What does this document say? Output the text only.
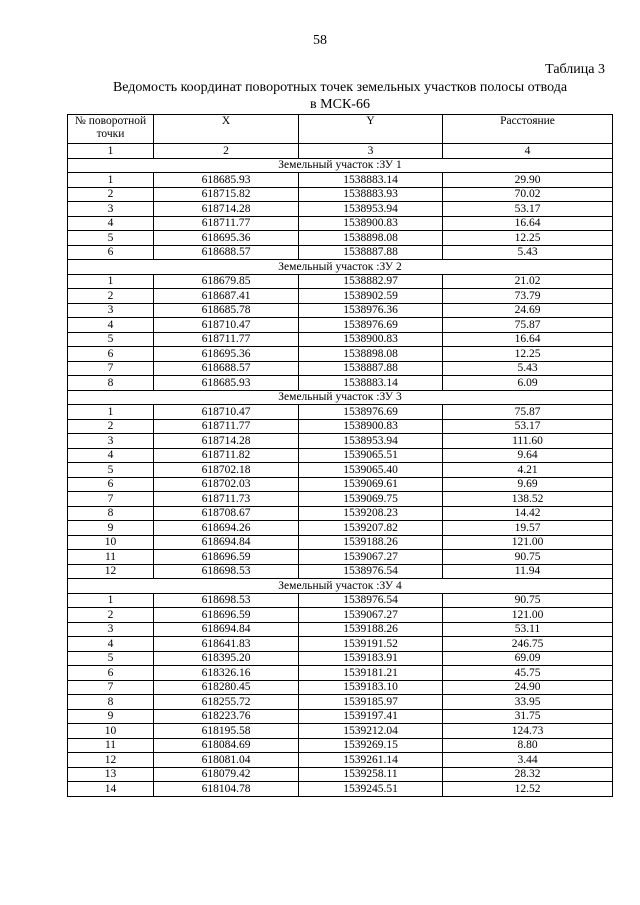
58
Таблица 3
Ведомость координат поворотных точек земельных участков полосы отвода
в МСК-66
№ поворотной
точки	X	Y	Расстояние
1	2	3	4
Земельный участок :ЗУ 1			
1	618685.93	1538883.14	29.90
2	618715.82	1538883.93	70.02
3	618714.28	1538953.94	53.17
4	618711.77	1538900.83	16.64
5	618695.36	1538898.08	12.25
6	618688.57	1538887.88	5.43
Земельный участок :ЗУ 2			
1	618679.85	1538882.97	21.02
2	618687.41	1538902.59	73.79
3	618685.78	1538976.36	24.69
4	618710.47	1538976.69	75.87
5	618711.77	1538900.83	16.64
6	618695.36	1538898.08	12.25
7	618688.57	1538887.88	5.43
8	618685.93	1538883.14	6.09
Земельный участок :ЗУ 3			
1	618710.47	1538976.69	75.87
2	618711.77	1538900.83	53.17
3	618714.28	1538953.94	111.60
4	618711.82	1539065.51	9.64
5	618702.18	1539065.40	4.21
6	618702.03	1539069.61	9.69
7	618711.73	1539069.75	138.52
8	618708.67	1539208.23	14.42
9	618694.26	1539207.82	19.57
10	618694.84	1539188.26	121.00
11	618696.59	1539067.27	90.75
12	618698.53	1538976.54	11.94
Земельный участок :ЗУ 4			
1	618698.53	1538976.54	90.75
2	618696.59	1539067.27	121.00
3	618694.84	1539188.26	53.11
4	618641.83	1539191.52	246.75
5	618395.20	1539183.91	69.09
6	618326.16	1539181.21	45.75
7	618280.45	1539183.10	24.90
8	618255.72	1539185.97	33.95
9	618223.76	1539197.41	31.75
10	618195.58	1539212.04	124.73
11	618084.69	1539269.15	8.80
12	618081.04	1539261.14	3.44
13	618079.42	1539258.11	28.32
14	618104.78	1539245.51	12.52
